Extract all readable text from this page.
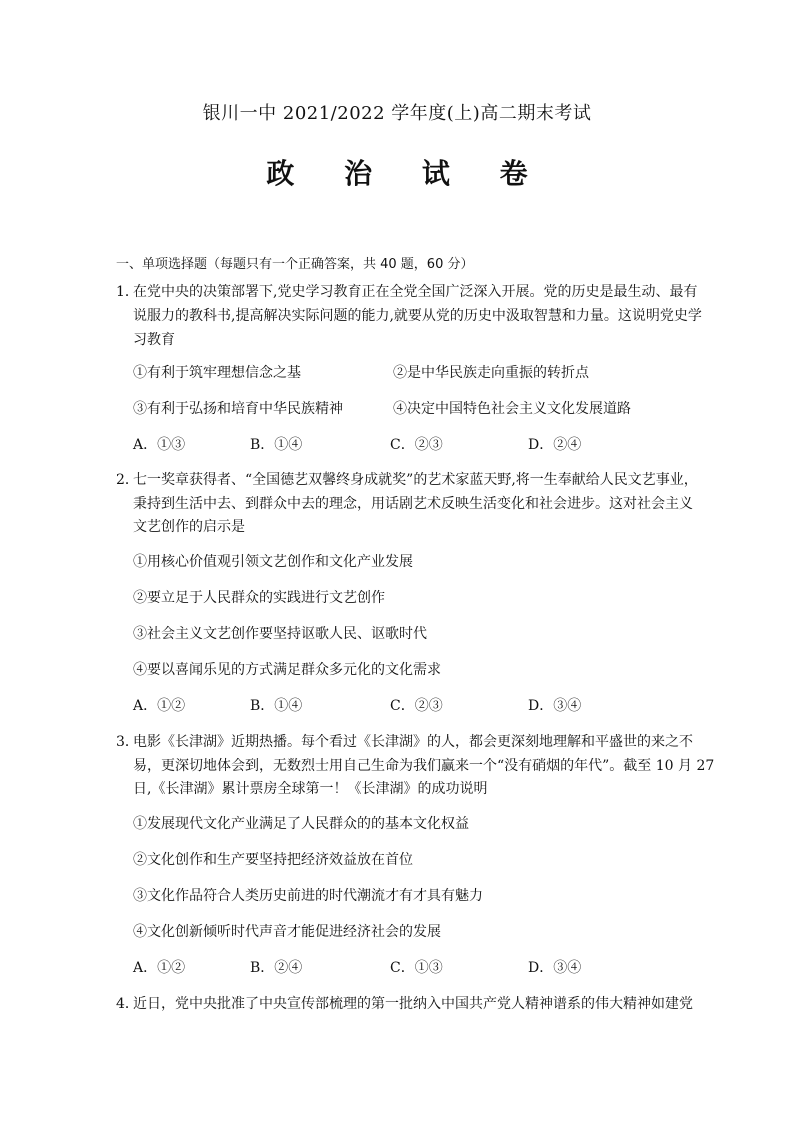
银川一中 2021/2022 学年度(上)高二期末考试
政 治 试 卷
一、单项选择题（每题只有一个正确答案，共 40 题，60 分）
1．
在党中央的决策部署下,党史学习教育正在全党全国广泛深入开展。党的历史是最生动、最有
说服力的教科书,提高解决实际问题的能力,就要从党的历史中汲取智慧和力量。这说明党史学
习教育
①有利于筑牢理想信念之基	②是中华民族走向重振的转折点
③有利于弘扬和培育中华民族精神	④决定中国特色社会主义文化发展道路
A．①③	B．①④	C．②③	D．②④
2．
七一奖章获得者、“全国德艺双馨终身成就奖”的艺术家蓝天野,将一生奉献给人民文艺事业，
秉持到生活中去、到群众中去的理念，用话剧艺术反映生活变化和社会进步。这对社会主义
文艺创作的启示是
①用核心价值观引领文艺创作和文化产业发展
②要立足于人民群众的实践进行文艺创作
③社会主义文艺创作要坚持讴歌人民、讴歌时代
④要以喜闻乐见的方式满足群众多元化的文化需求
A．①②	B．①④	C．②③	D．③④
3．
电影《长津湖》近期热播。每个看过《长津湖》的人，都会更深刻地理解和平盛世的来之不
易，更深切地体会到，无数烈士用自己生命为我们赢来一个“没有硝烟的年代”。截至 10 月 27
日,《长津湖》累计票房全球第一！《长津湖》的成功说明
①发展现代文化产业满足了人民群众的的基本文化权益
②文化创作和生产要坚持把经济效益放在首位
③文化作品符合人类历史前进的时代潮流才有才具有魅力
④文化创新倾听时代声音才能促进经济社会的发展
A．①②	B．②④	C．①③	D．③④
4．
近日，党中央批准了中央宣传部梳理的第一批纳入中国共产党人精神谱系的伟大精神如建党
